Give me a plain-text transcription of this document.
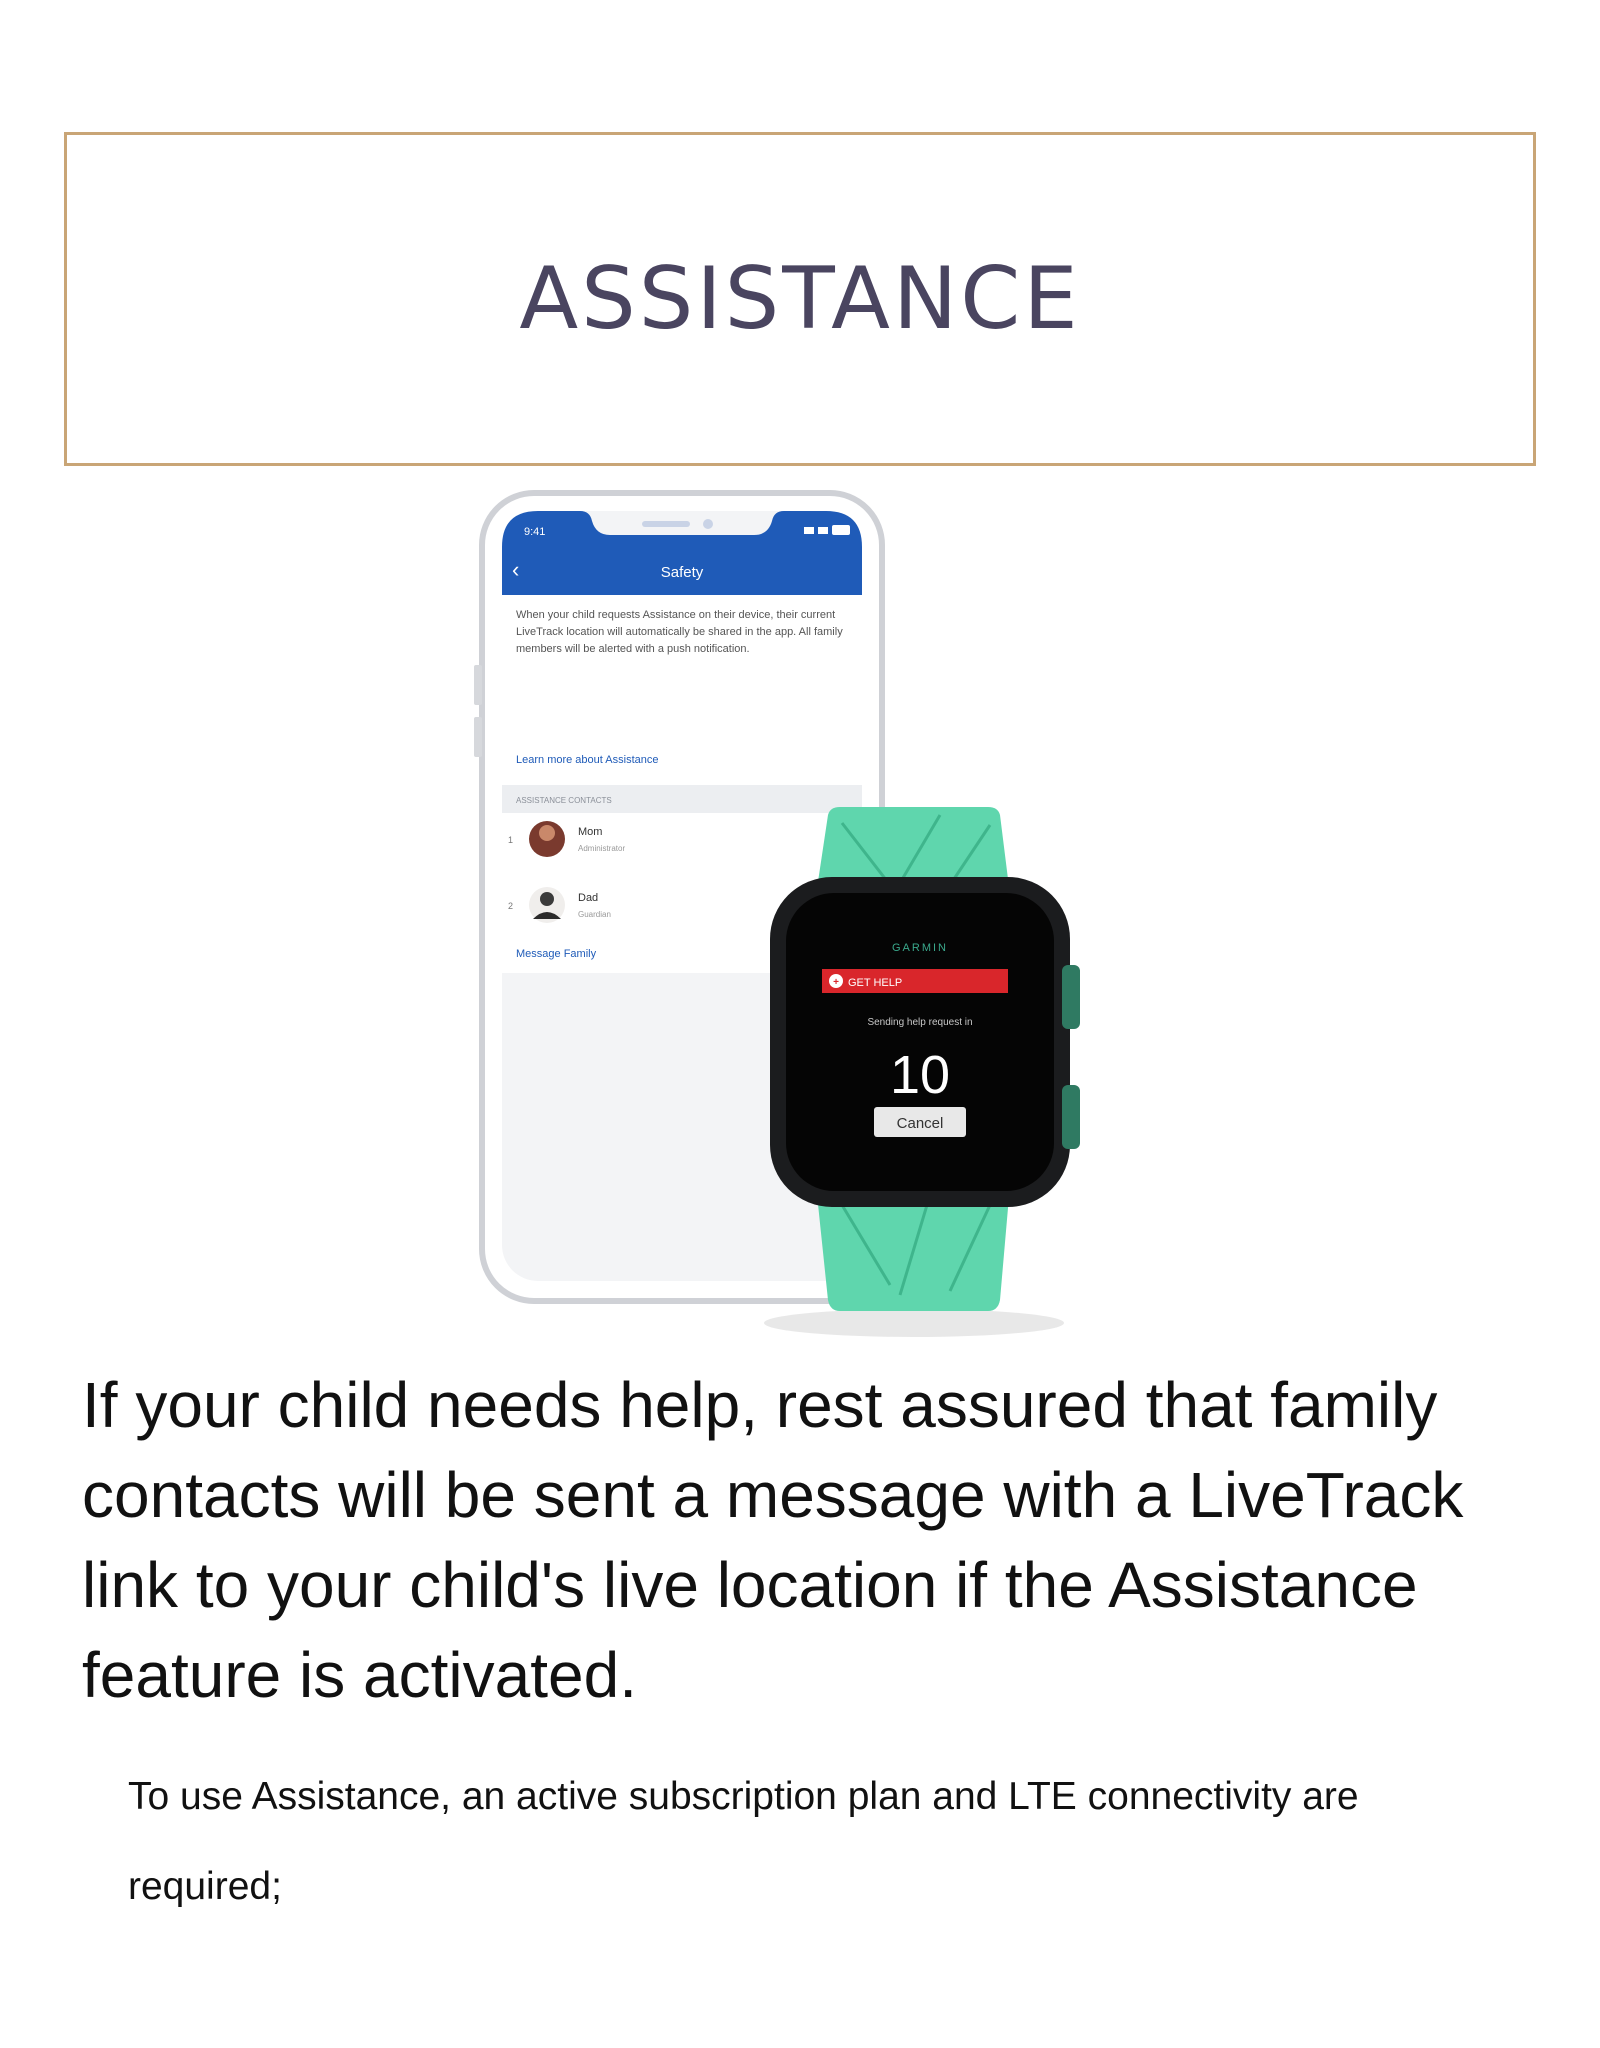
ASSISTANCE
9:41
‹	Safety
When your child requests Assistance on their device, their current LiveTrack location will automatically be shared in the app. All family members will be alerted with a push notification.
Learn more about Assistance
ASSISTANCE CONTACTS
1
Mom
Administrator
2
Dad
Guardian
Message Family	GARMIN
+ GET HELP
Sending help request in
10
Cancel

If your child needs help, rest assured that family contacts will be sent a message with a LiveTrack link to your child's live location if the Assistance feature is activated.

To use Assistance, an active subscription plan and LTE connectivity are required;
